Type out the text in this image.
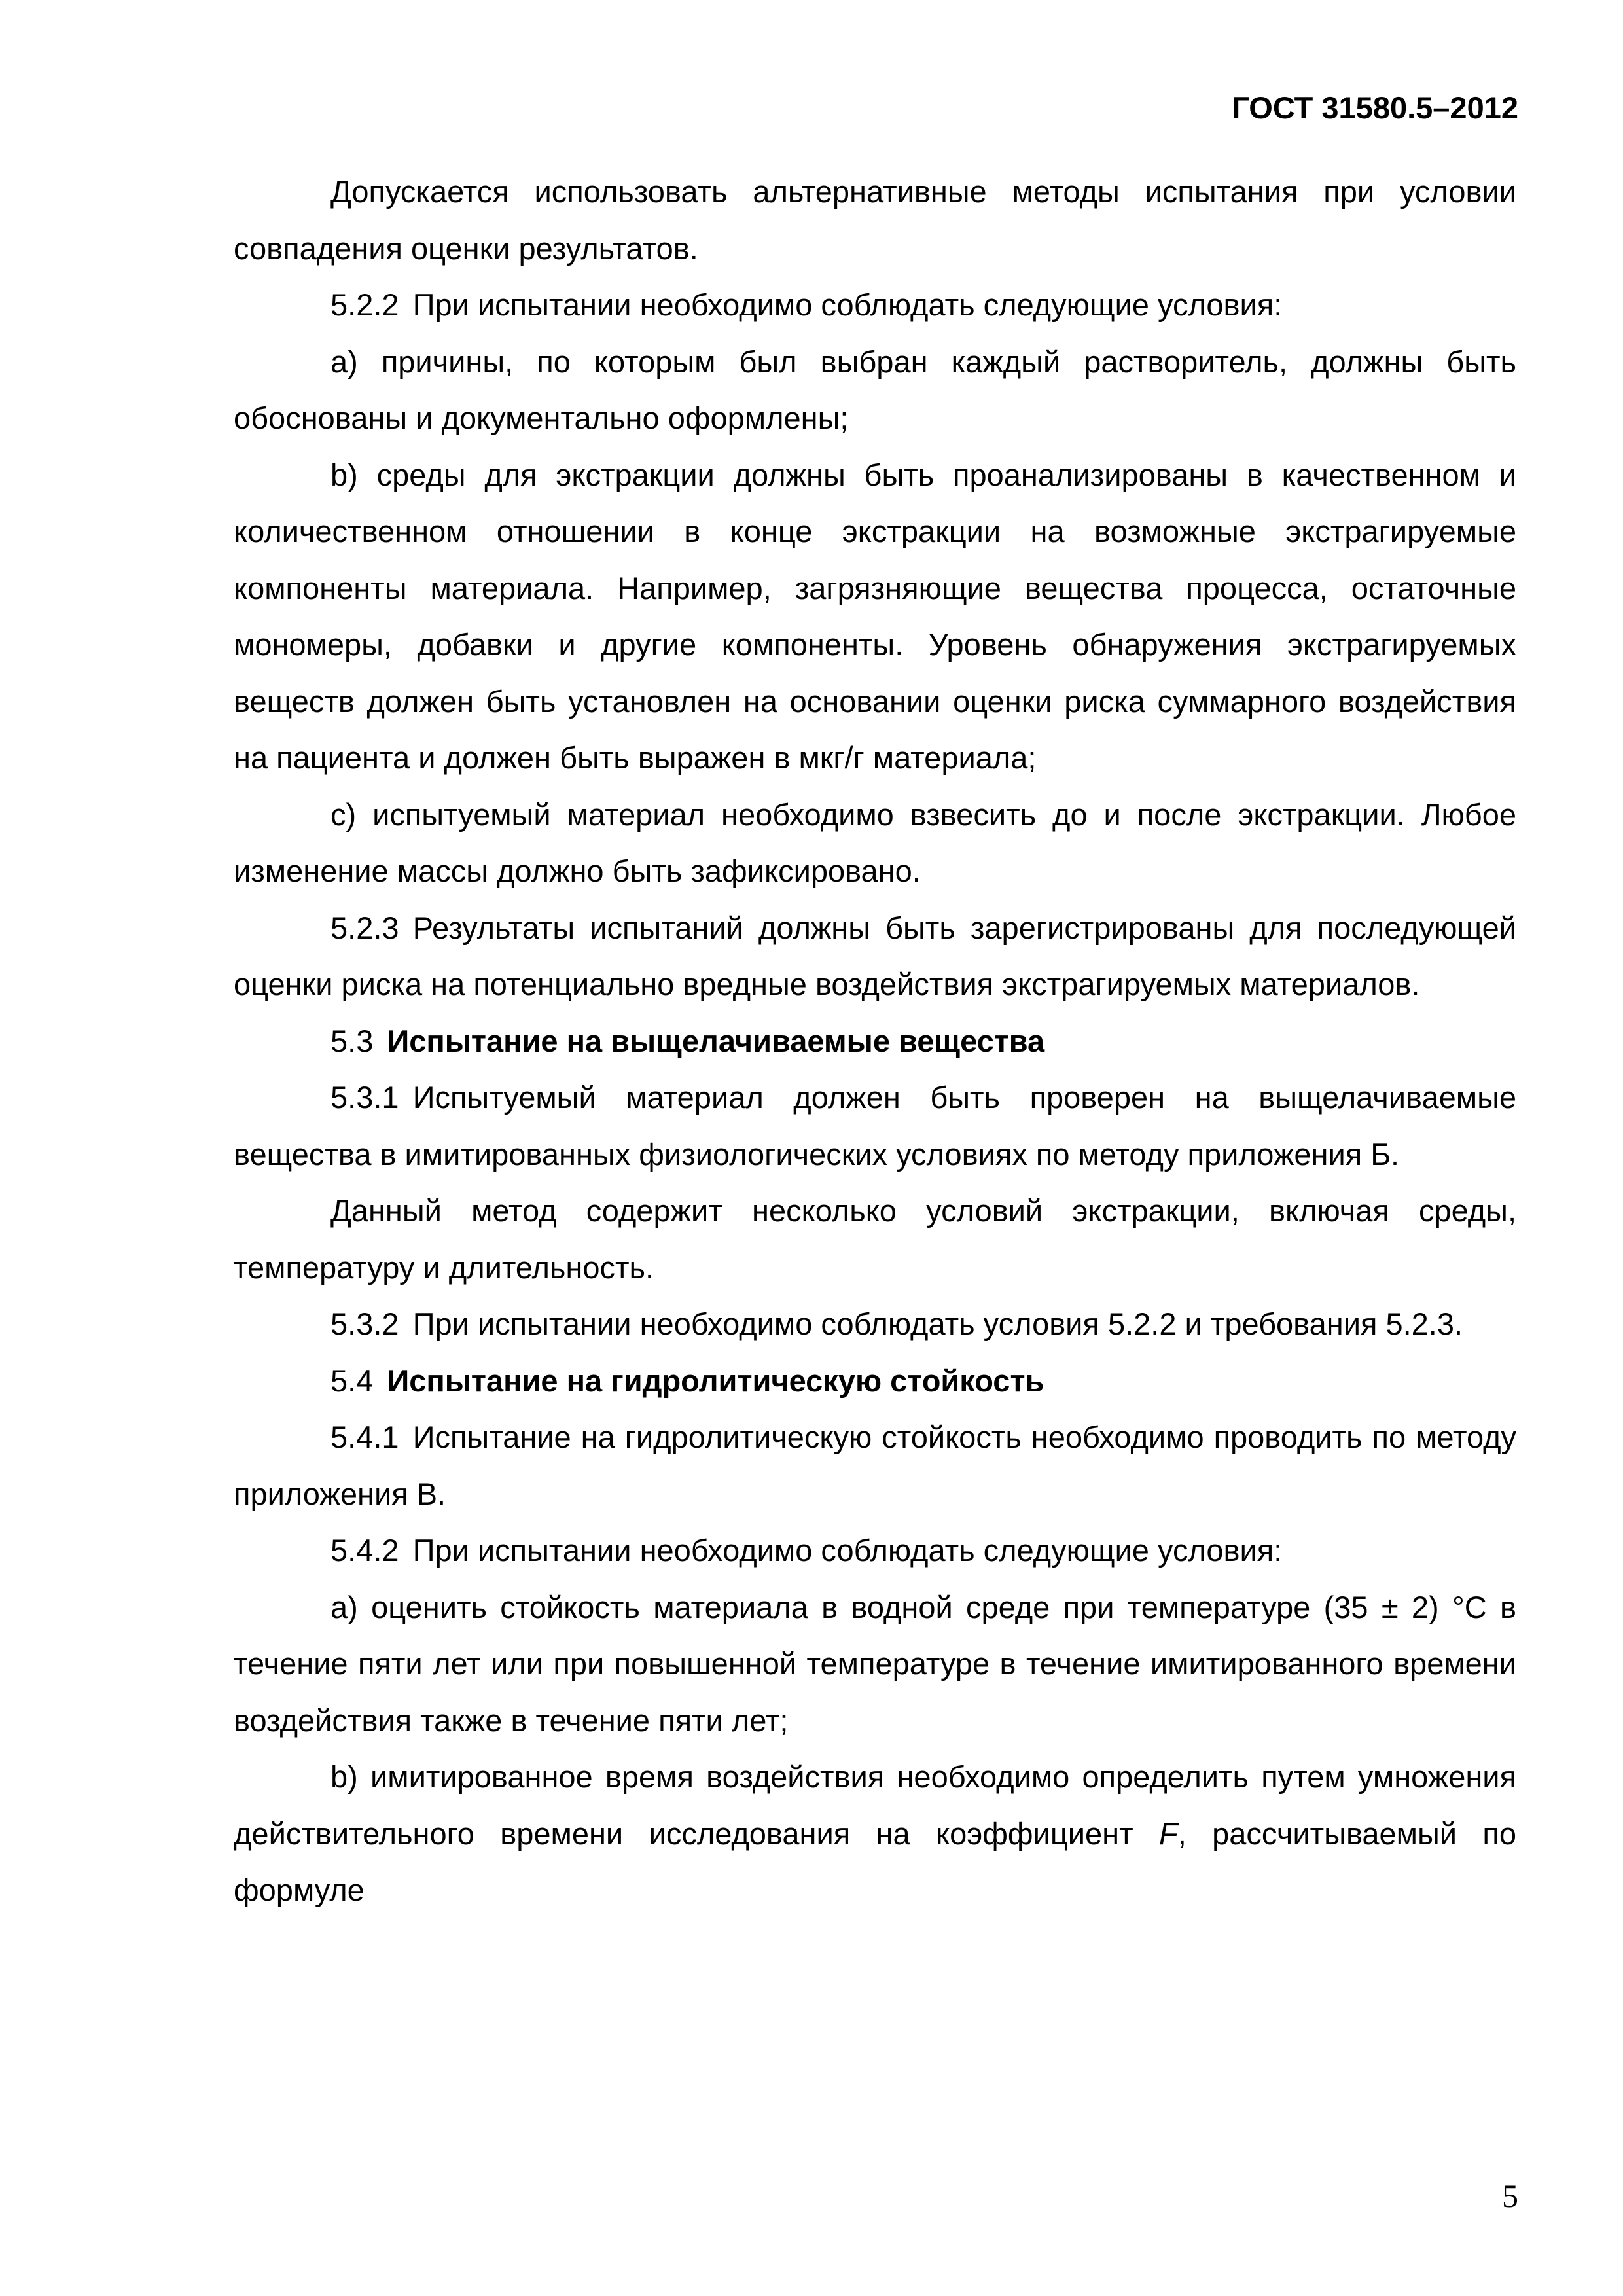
ГОСТ 31580.5–2012

Допускается использовать альтернативные методы испытания при условии совпадения оценки результатов.

5.2.2 При испытании необходимо соблюдать следующие условия:

а) причины, по которым был выбран каждый растворитель, должны быть обоснованы и документально оформлены;

b) среды для экстракции должны быть проанализированы в качественном и количественном отношении в конце экстракции на возможные экстрагируемые компоненты материала. Например, загрязняющие вещества процесса, остаточные мономеры, добавки и другие компоненты. Уровень обнаружения экстрагируемых веществ должен быть установлен на основании оценки риска суммарного воздействия на пациента и должен быть выражен в мкг/г материала;

с) испытуемый материал необходимо взвесить до и после экстракции. Любое изменение массы должно быть зафиксировано.

5.2.3 Результаты испытаний должны быть зарегистрированы для последующей оценки риска на потенциально вредные воздействия экстрагируемых материалов.

5.3 Испытание на выщелачиваемые вещества

5.3.1 Испытуемый материал должен быть проверен на выщелачиваемые вещества в имитированных физиологических условиях по методу приложения Б.

Данный метод содержит несколько условий экстракции, включая среды, температуру и длительность.

5.3.2 При испытании необходимо соблюдать условия 5.2.2 и требования 5.2.3.

5.4 Испытание на гидролитическую стойкость

5.4.1 Испытание на гидролитическую стойкость необходимо проводить по методу приложения В.

5.4.2 При испытании необходимо соблюдать следующие условия:

а) оценить стойкость материала в водной среде при температуре (35 ± 2) °С в течение пяти лет или при повышенной температуре в течение имитированного времени воздействия также в течение пяти лет;

b) имитированное время воздействия необходимо определить путем умножения действительного времени исследования на коэффициент F, рассчитываемый по формуле

5
